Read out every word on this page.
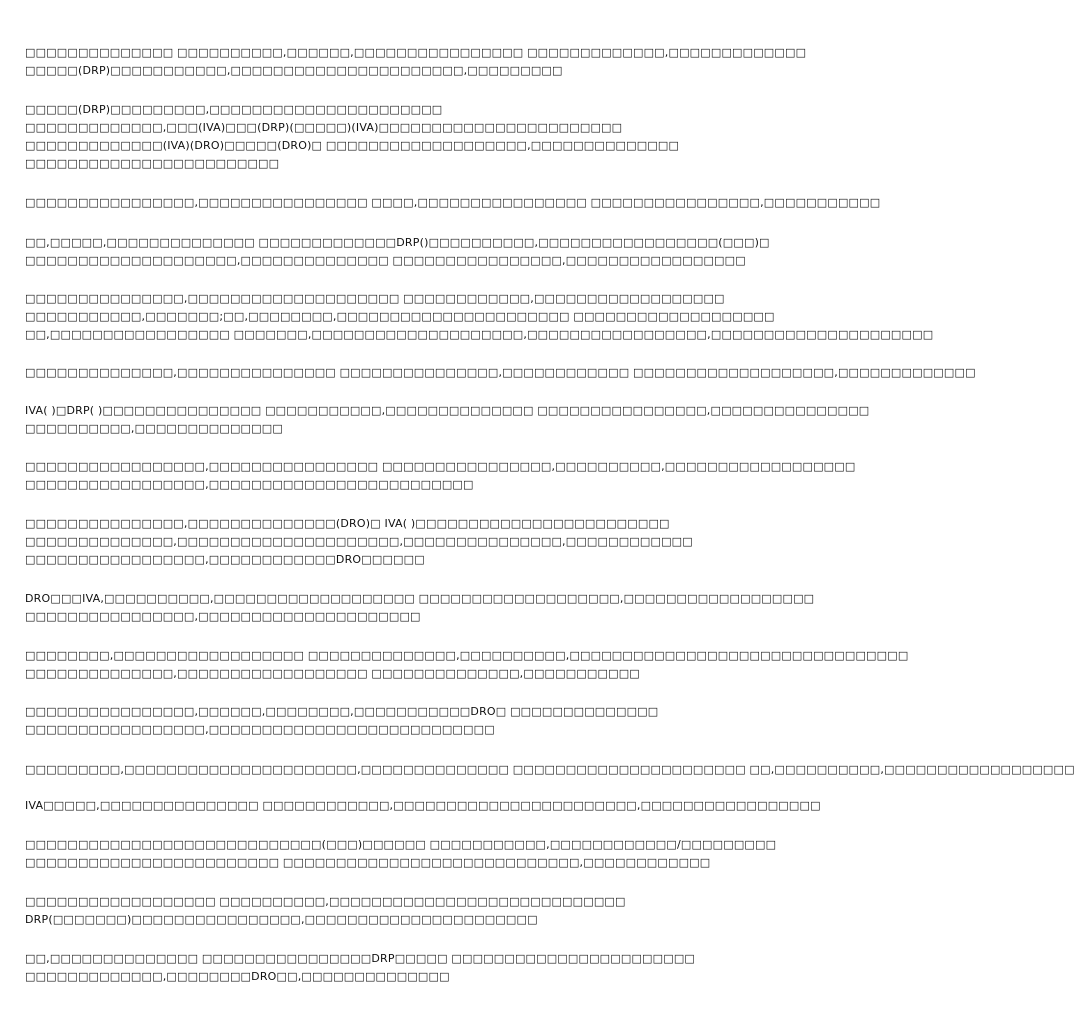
□□□□□□□□□□□□□□ □□□□□□□□□□,□□□□□□,□□□□□□□□□□□□□□□□ □□□□□□□□□□□□□,□□□□□□□□□□□□□
□□□□□(DRP)□□□□□□□□□□□,□□□□□□□□□□□□□□□□□□□□□□,□□□□□□□□□
□□□□□(DRP)□□□□□□□□□,□□□□□□□□□□□□□□□□□□□□□□
□□□□□□□□□□□□□,□□□(IVA)□□□(DRP)(□□□□□)(IVA)□□□□□□□□□□□□□□□□□□□□□□□
□□□□□□□□□□□□□(IVA)(DRO)□□□□□(DRO)□ □□□□□□□□□□□□□□□□□□□,□□□□□□□□□□□□□□
□□□□□□□□□□□□□□□□□□□□□□□□
□□□□□□□□□□□□□□□□,□□□□□□□□□□□□□□□□ □□□□,□□□□□□□□□□□□□□□□ □□□□□□□□□□□□□□□□,□□□□□□□□□□□
□□,□□□□□,□□□□□□□□□□□□□□ □□□□□□□□□□□□□DRP()□□□□□□□□□□,□□□□□□□□□□□□□□□□□(□□□)□
□□□□□□□□□□□□□□□□□□□□,□□□□□□□□□□□□□□ □□□□□□□□□□□□□□□□,□□□□□□□□□□□□□□□□□
□□□□□□□□□□□□□□□,□□□□□□□□□□□□□□□□□□□□ □□□□□□□□□□□□,□□□□□□□□□□□□□□□□□□
□□□□□□□□□□□,□□□□□□□;□□,□□□□□□□□,□□□□□□□□□□□□□□□□□□□□□□ □□□□□□□□□□□□□□□□□□□
□□,□□□□□□□□□□□□□□□□□ □□□□□□□,□□□□□□□□□□□□□□□□□□□□,□□□□□□□□□□□□□□□□□,□□□□□□□□□□□□□□□□□□□□□
□□□□□□□□□□□□□□,□□□□□□□□□□□□□□□ □□□□□□□□□□□□□□□,□□□□□□□□□□□□ □□□□□□□□□□□□□□□□□□□,□□□□□□□□□□□□□
IVA( )□DRP( )□□□□□□□□□□□□□□□ □□□□□□□□□□□,□□□□□□□□□□□□□□ □□□□□□□□□□□□□□□□,□□□□□□□□□□□□□□□
□□□□□□□□□□,□□□□□□□□□□□□□□
□□□□□□□□□□□□□□□□□,□□□□□□□□□□□□□□□□ □□□□□□□□□□□□□□□□,□□□□□□□□□□,□□□□□□□□□□□□□□□□□□
□□□□□□□□□□□□□□□□□,□□□□□□□□□□□□□□□□□□□□□□□□□
□□□□□□□□□□□□□□□,□□□□□□□□□□□□□□(DRO)□ IVA( )□□□□□□□□□□□□□□□□□□□□□□□□
□□□□□□□□□□□□□□,□□□□□□□□□□□□□□□□□□□□□,□□□□□□□□□□□□□□□,□□□□□□□□□□□□
□□□□□□□□□□□□□□□□□,□□□□□□□□□□□□DRO□□□□□□
DRO□□□IVA,□□□□□□□□□□,□□□□□□□□□□□□□□□□□□□ □□□□□□□□□□□□□□□□□□□,□□□□□□□□□□□□□□□□□□
□□□□□□□□□□□□□□□□,□□□□□□□□□□□□□□□□□□□□□
□□□□□□□□,□□□□□□□□□□□□□□□□□□ □□□□□□□□□□□□□□,□□□□□□□□□□,□□□□□□□□□□□□□□□□□□□□□□□□□□□□□□□□
□□□□□□□□□□□□□□,□□□□□□□□□□□□□□□□□□ □□□□□□□□□□□□□□,□□□□□□□□□□□
□□□□□□□□□□□□□□□□,□□□□□□,□□□□□□□□,□□□□□□□□□□□DRO□ □□□□□□□□□□□□□□
□□□□□□□□□□□□□□□□□,□□□□□□□□□□□□□□□□□□□□□□□□□□□
□□□□□□□□□,□□□□□□□□□□□□□□□□□□□□□□,□□□□□□□□□□□□□□ □□□□□□□□□□□□□□□□□□□□□□ □□,□□□□□□□□□□,□□□□□□□□□□□□□□□□□□
IVA□□□□□,□□□□□□□□□□□□□□□ □□□□□□□□□□□□,□□□□□□□□□□□□□□□□□□□□□□□,□□□□□□□□□□□□□□□□□
□□□□□□□□□□□□□□□□□□□□□□□□□□□□(□□□)□□□□□□ □□□□□□□□□□□,□□□□□□□□□□□□/□□□□□□□□□
□□□□□□□□□□□□□□□□□□□□□□□□ □□□□□□□□□□□□□□□□□□□□□□□□□□□□,□□□□□□□□□□□□
□□□□□□□□□□□□□□□□□□ □□□□□□□□□□,□□□□□□□□□□□□□□□□□□□□□□□□□□□□
DRP(□□□□□□□)□□□□□□□□□□□□□□□□,□□□□□□□□□□□□□□□□□□□□□□
□□,□□□□□□□□□□□□□□ □□□□□□□□□□□□□□□□DRP□□□□□ □□□□□□□□□□□□□□□□□□□□□□□
□□□□□□□□□□□□□,□□□□□□□□DRO□□,□□□□□□□□□□□□□□
